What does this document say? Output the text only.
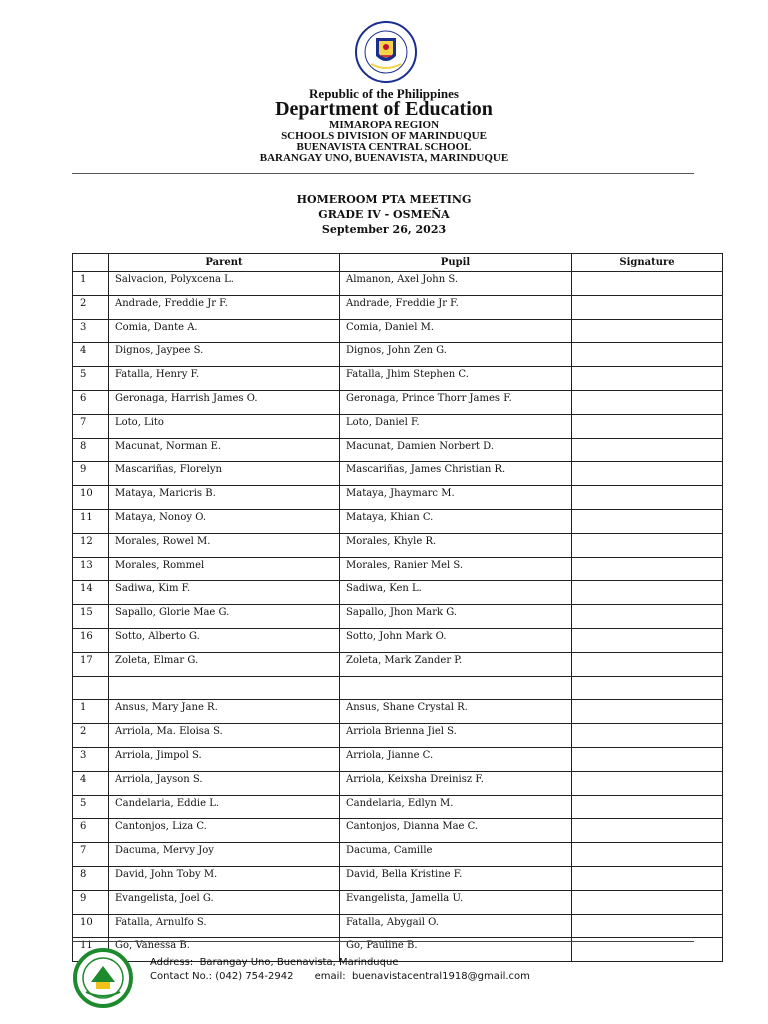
Republic of the Philippines
Department of Education
MIMAROPA REGION
SCHOOLS DIVISION OF MARINDUQUE
BUENAVISTA CENTRAL SCHOOL
BARANGAY UNO, BUENAVISTA, MARINDUQUE
HOMEROOM PTA MEETING
GRADE IV - OSMEÑA
September 26, 2023
	Parent	Pupil	Signature
1	Salvacion, Polyxcena L.	Almanon, Axel John S.	
2	Andrade, Freddie Jr F.	Andrade, Freddie Jr F.	
3	Comia, Dante A.	Comia, Daniel M.	
4	Dignos, Jaypee S.	Dignos, John Zen G.	
5	Fatalla, Henry F.	Fatalla, Jhim Stephen C.	
6	Geronaga, Harrish James O.	Geronaga, Prince Thorr James F.	
7	Loto, Lito	Loto, Daniel F.	
8	Macunat, Norman E.	Macunat, Damien Norbert D.	
9	Mascariñas, Florelyn	Mascariñas, James Christian R.	
10	Mataya, Maricris B.	Mataya, Jhaymarc M.	
11	Mataya, Nonoy O.	Mataya, Khian C.	
12	Morales, Rowel M.	Morales, Khyle R.	
13	Morales, Rommel	Morales, Ranier Mel S.	
14	Sadiwa, Kim F.	Sadiwa, Ken L.	
15	Sapallo, Glorie Mae G.	Sapallo, Jhon Mark G.	
16	Sotto, Alberto G.	Sotto, John Mark O.	
17	Zoleta, Elmar G.	Zoleta, Mark Zander P.	

1	Ansus, Mary Jane R.	Ansus, Shane Crystal R.	
2	Arriola, Ma. Eloisa S.	Arriola Brienna Jiel S.	
3	Arriola, Jimpol S.	Arriola, Jianne C.	
4	Arriola, Jayson S.	Arriola, Keixsha Dreinisz F.	
5	Candelaria, Eddie L.	Candelaria, Edlyn M.	
6	Cantonjos, Liza C.	Cantonjos, Dianna Mae C.	
7	Dacuma, Mervy Joy	Dacuma, Camille	
8	David, John Toby M.	David, Bella Kristine F.	
9	Evangelista, Joel G.	Evangelista, Jamella U.	
10	Fatalla, Arnulfo S.	Fatalla, Abygail O.	
11	Go, Vanessa B.	Go, Pauline B.	
Address: Barangay Uno, Buenavista, Marinduque
Contact No.: (042) 754-2942 email: buenavistacentral1918@gmail.com
